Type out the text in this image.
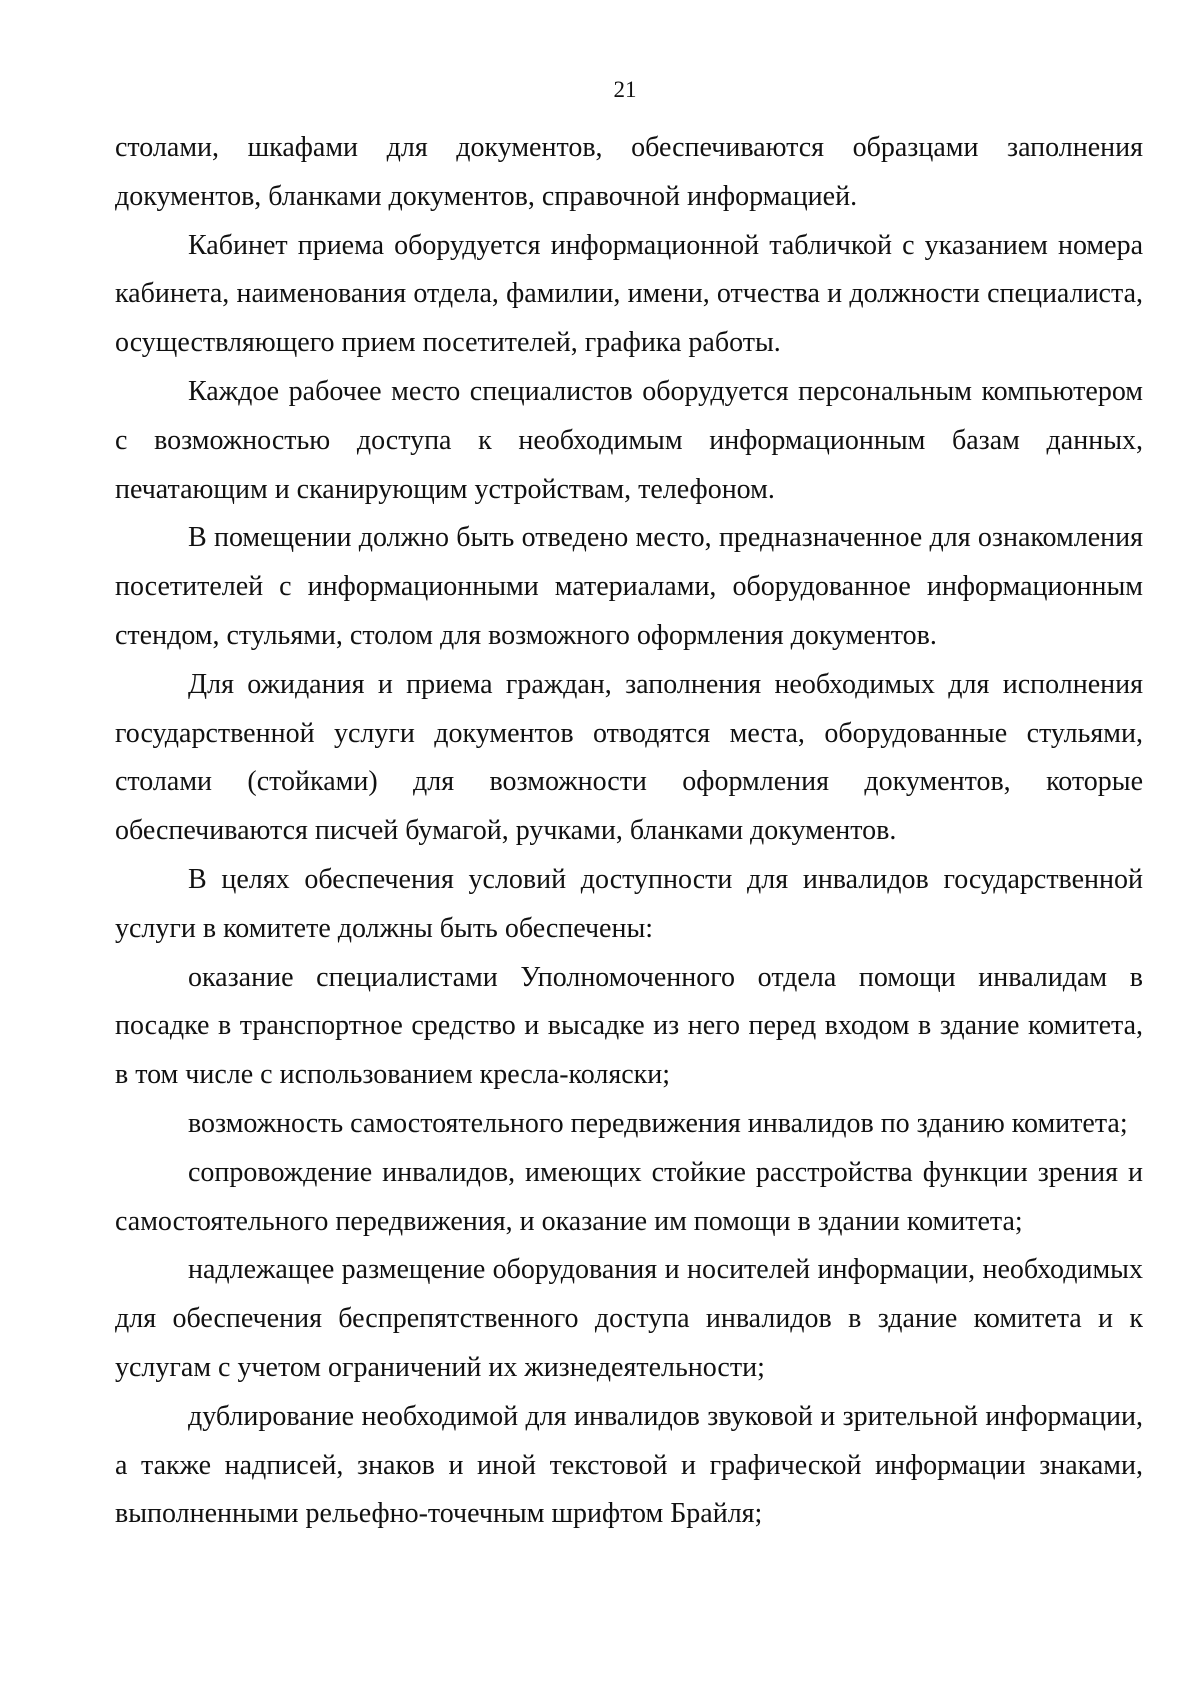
21

столами, шкафами для документов, обеспечиваются образцами заполнения документов, бланками документов, справочной информацией.

Кабинет приема оборудуется информационной табличкой с указанием номера кабинета, наименования отдела, фамилии, имени, отчества и должности специалиста, осуществляющего прием посетителей, графика работы.

Каждое рабочее место специалистов оборудуется персональным компьютером с возможностью доступа к необходимым информационным базам данных, печатающим и сканирующим устройствам, телефоном.

В помещении должно быть отведено место, предназначенное для ознакомления посетителей с информационными материалами, оборудованное информационным стендом, стульями, столом для возможного оформления документов.

Для ожидания и приема граждан, заполнения необходимых для исполнения государственной услуги документов отводятся места, оборудованные стульями, столами (стойками) для возможности оформления документов, которые обеспечиваются писчей бумагой, ручками, бланками документов.

В целях обеспечения условий доступности для инвалидов государственной услуги в комитете должны быть обеспечены:

оказание специалистами Уполномоченного отдела помощи инвалидам в посадке в транспортное средство и высадке из него перед входом в здание комитета, в том числе с использованием кресла-коляски;

возможность самостоятельного передвижения инвалидов по зданию комитета;

сопровождение инвалидов, имеющих стойкие расстройства функции зрения и самостоятельного передвижения, и оказание им помощи в здании комитета;

надлежащее размещение оборудования и носителей информации, необходимых для обеспечения беспрепятственного доступа инвалидов в здание комитета и к услугам с учетом ограничений их жизнедеятельности;

дублирование необходимой для инвалидов звуковой и зрительной информации, а также надписей, знаков и иной текстовой и графической информации знаками, выполненными рельефно-точечным шрифтом Брайля;
